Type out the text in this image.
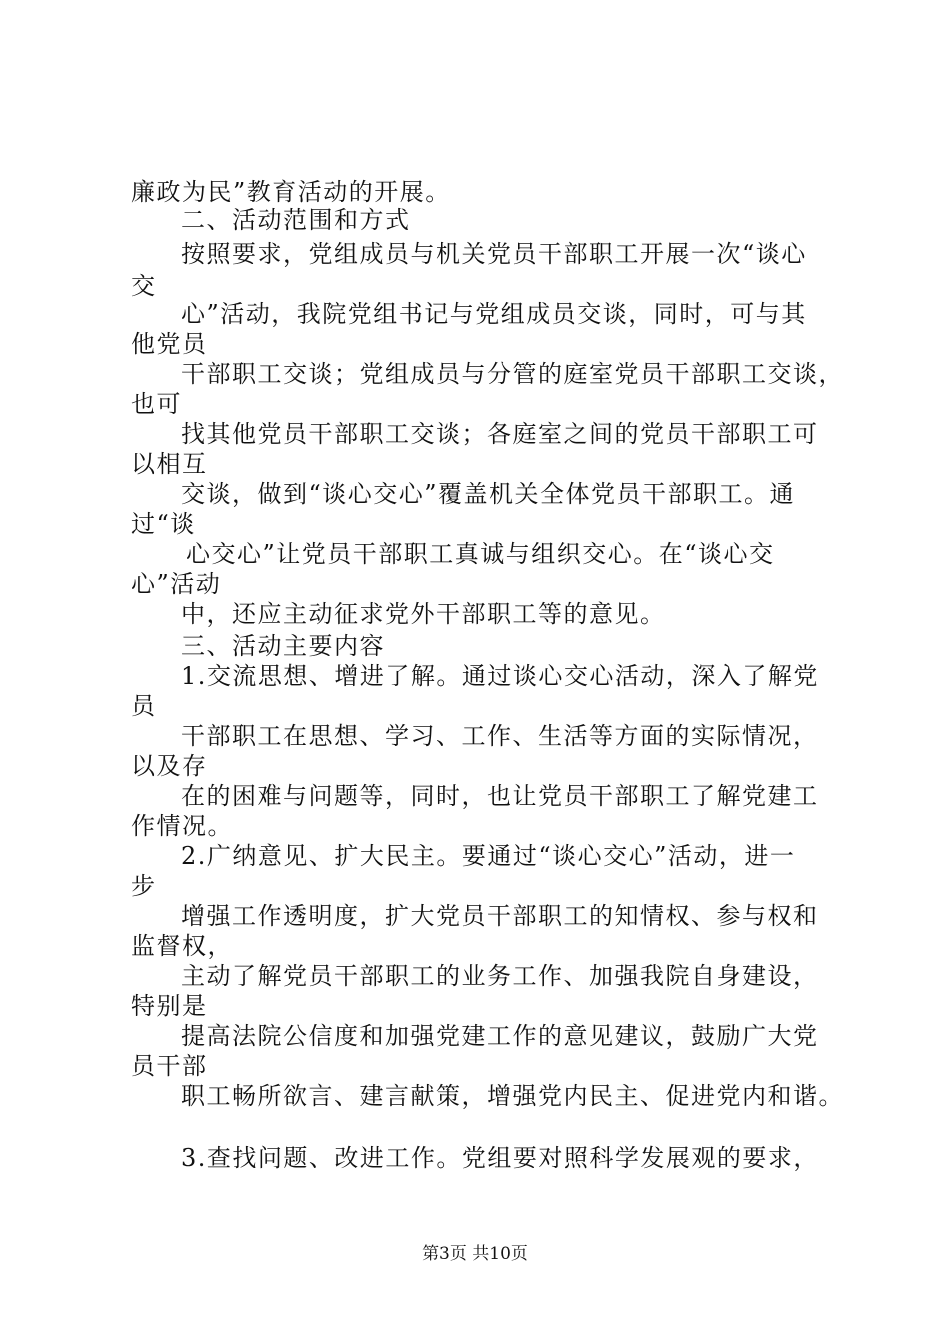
廉政为民”教育活动的开展。
二、活动范围和方式
按照要求，党组成员与机关党员干部职工开展一次“谈心
交
心”活动，我院党组书记与党组成员交谈，同时，可与其
他党员
干部职工交谈；党组成员与分管的庭室党员干部职工交谈，
也可
找其他党员干部职工交谈；各庭室之间的党员干部职工可
以相互
交谈，做到“谈心交心”覆盖机关全体党员干部职工。通
过“谈
心交心”让党员干部职工真诚与组织交心。在“谈心交
心”活动
中，还应主动征求党外干部职工等的意见。
三、活动主要内容
1.交流思想、增进了解。通过谈心交心活动，深入了解党
员
干部职工在思想、学习、工作、生活等方面的实际情况，
以及存
在的困难与问题等，同时，也让党员干部职工了解党建工
作情况。
2.广纳意见、扩大民主。要通过“谈心交心”活动，进一
步
增强工作透明度，扩大党员干部职工的知情权、参与权和
监督权，
主动了解党员干部职工的业务工作、加强我院自身建设，
特别是
提高法院公信度和加强党建工作的意见建议，鼓励广大党
员干部
职工畅所欲言、建言献策，增强党内民主、促进党内和谐。
3.查找问题、改进工作。党组要对照科学发展观的要求，
第3页 共10页
